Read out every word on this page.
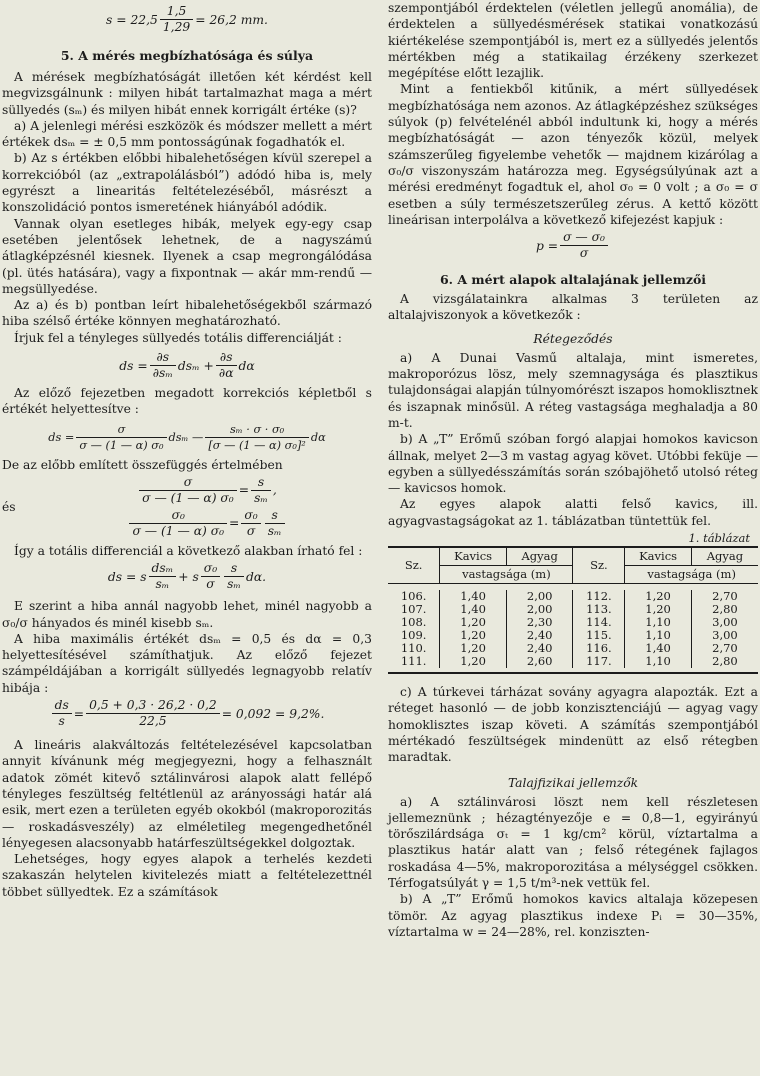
$s = 22,5 \frac{1,5}{1,29} = 26,2$ mm.
5. A mérés megbízhatósága és súlya

A mérések megbízhatóságát illetően két kérdést kell megvizsgálnunk : milyen hibát tartalmazhat maga a mért süllyedés (sₘ) és milyen hibát ennek korrigált értéke (s)?

a) A jelenlegi mérési eszközök és módszer mellett a mért értékek dsₘ = ± 0,5 mm pontosságúnak fogadhatók el.

b) Az s értékben előbbi hibalehetőségen kívül szerepel a korrekcióból (az „extrapolálásból”) adódó hiba is, mely egyrészt a linearitás feltételezéséből, másrészt a konszolidáció pontos ismeretének hiányából adódik.

Vannak olyan esetleges hibák, melyek egy-egy csap esetében jelentősek lehetnek, de a nagyszámú átlagképzésnél kiesnek. Ilyenek a csap megrongálódása (pl. ütés hatására), vagy a fixpontnak — akár mm-rendű — megsüllyedése.

Az a) és b) pontban leírt hibalehetőségekből származó hiba szélső értéke könnyen meghatározható.

Írjuk fel a tényleges süllyedés totális differenciálját :

ds = $\frac{\partial s}{\text{∂sₘ}}$ $ds_m + \frac{\partial s}{\partial\alpha}$ dα

Az előző fejezetben megadott korrekciós képletből s értékét helyettesítve :

ds = $\frac{\sigma}{\text{σ — (1 — α) σ₀}}$ dsₘ — $\frac{\text{sₘ · σ · σ₀}}{\text{[σ — (1 — α) σ₀]²}}$ dα

De az előbb említett összefüggés értelmében

és
$\frac{\sigma}{\text{σ — (1 — α) σ₀}} = \frac{s}{\text{sₘ}}$ ,
$\frac{\text{σ₀}}{\text{σ — (1 — α) σ₀}} = \frac{\text{σ₀}}{\sigma} \frac{s}{\text{sₘ}}$

Így a totális differenciál a következő alakban írható fel :

ds = s $\frac{\text{dsₘ}}{\text{sₘ}} + s \frac{\text{σ₀}}{\sigma} \frac{s}{\text{sₘ}} d\alpha$.

E szerint a hiba annál nagyobb lehet, minél nagyobb a σ₀/σ hányados és minél kisebb sₘ.

A hiba maximális értékét dsₘ = 0,5 és dα = 0,3 helyettesítésével számíthatjuk. Az előző fejezet számpéldájában a korrigált süllyedés legnagyobb relatív hibája :

$\frac{ds}{s} = \frac{0,5 + 0,3 \cdot 26,2 \cdot 0,2}{22,5} = 0,092 = 9,2\%$.

A lineáris alakváltozás feltételezésével kapcsolatban annyit kívánunk még megjegyezni, hogy a felhasznált adatok zömét kitevő sztálinvárosi alapok alatt fellépő tényleges feszültség feltétlenül az arányossági határ alá esik, mert ezen a területen egyéb okokból (makroporozitás — roskadásveszély) az elméletileg megengedhetőnél lényegesen alacsonyabb határfeszültségekkel dolgoztak.

Lehetséges, hogy egyes alapok a terhelés kezdeti szakaszán helytelen kivitelezés miatt a feltételezettnél többet süllyedtek. Ez a számítások

szempontjából érdektelen (véletlen jellegű anomália), de érdektelen a süllyedésmérések statikai vonatkozású kiértékelése szempontjából is, mert ez a süllyedés jelentős mértékben még a statikailag érzékeny szerkezet megépítése előtt lezajlik.

Mint a fentiekből kitűnik, a mért süllyedések megbízhatósága nem azonos. Az átlagképzéshez szükséges súlyok (p) felvételénél abból indultunk ki, hogy a mérés megbízhatóságát — azon tényezők közül, melyek számszerűleg figyelembe vehetők — majdnem kizárólag a σ₀/σ viszonyszám határozza meg. Egységsúlyúnak azt a mérési eredményt fogadtuk el, ahol σ₀ = 0 volt ; a σ₀ = σ esetben a súly természetszerűleg zérus. A kettő között lineárisan interpolálva a következő kifejezést kapjuk :

$p = \frac{\text{σ — σ₀}}{\sigma}$
6. A mért alapok altalajának jellemzői

A vizsgálatainkra alkalmas 3 területen az altalajviszonyok a következők :

Rétegeződés

a) A Dunai Vasmű altalaja, mint ismeretes, makroporózus lösz, mely szemnagysága és plasztikus tulajdonságai alapján túlnyomórészt iszapos homoklisztnek és iszapnak minősül. A réteg vastagsága meghaladja a 80 m-t.

b) A „T” Erőmű szóban forgó alapjai homokos kavicson állnak, melyet 2—3 m vastag agyag követ. Utóbbi feküje — egyben a süllyedésszámítás során szóbajöhető utolsó réteg — kavicsos homok.

Az egyes alapok alatti felső kavics, ill. agyagvastagságokat az 1. táblázatban tüntettük fel.

1. táblázat
Sz.	Kavics	Agyag	Sz.	Kavics	Agyag
	vastagsága (m)			vastagsága (m)	

106.	1,40	2,00	112.	1,20	2,70
107.	1,40	2,00	113.	1,20	2,80
108.	1,20	2,30	114.	1,10	3,00
109.	1,20	2,40	115.	1,10	3,00
110.	1,20	2,40	116.	1,40	2,70
111.	1,20	2,60	117.	1,10	2,80

c) A túrkevei tárházat sovány agyagra alapozták. Ezt a réteget hasonló — de jobb konzisztenciájú — agyag vagy homoklisztes iszap követi. A számítás szempontjából mértékadó feszültségek mindenütt az első rétegben maradtak.

Talajfizikai jellemzők

a) A sztálinvárosi löszt nem kell részletesen jellemeznünk ; hézagtényezője e = 0,8—1, egyirányú törőszilárdsága σₜ = 1 kg/cm² körül, víztartalma a plasztikus határ alatt van ; felső rétegének fajlagos roskadása 4—5%, makroporozitása a mélységgel csökken. Térfogatsúlyát γ = 1,5 t/m³-nek vettük fel.

b) A „T” Erőmű homokos kavics altalaja közepesen tömör. Az agyag plasztikus indexe Pᵢ = 30—35%, víztartalma w = 24—28%, rel. konziszten-
